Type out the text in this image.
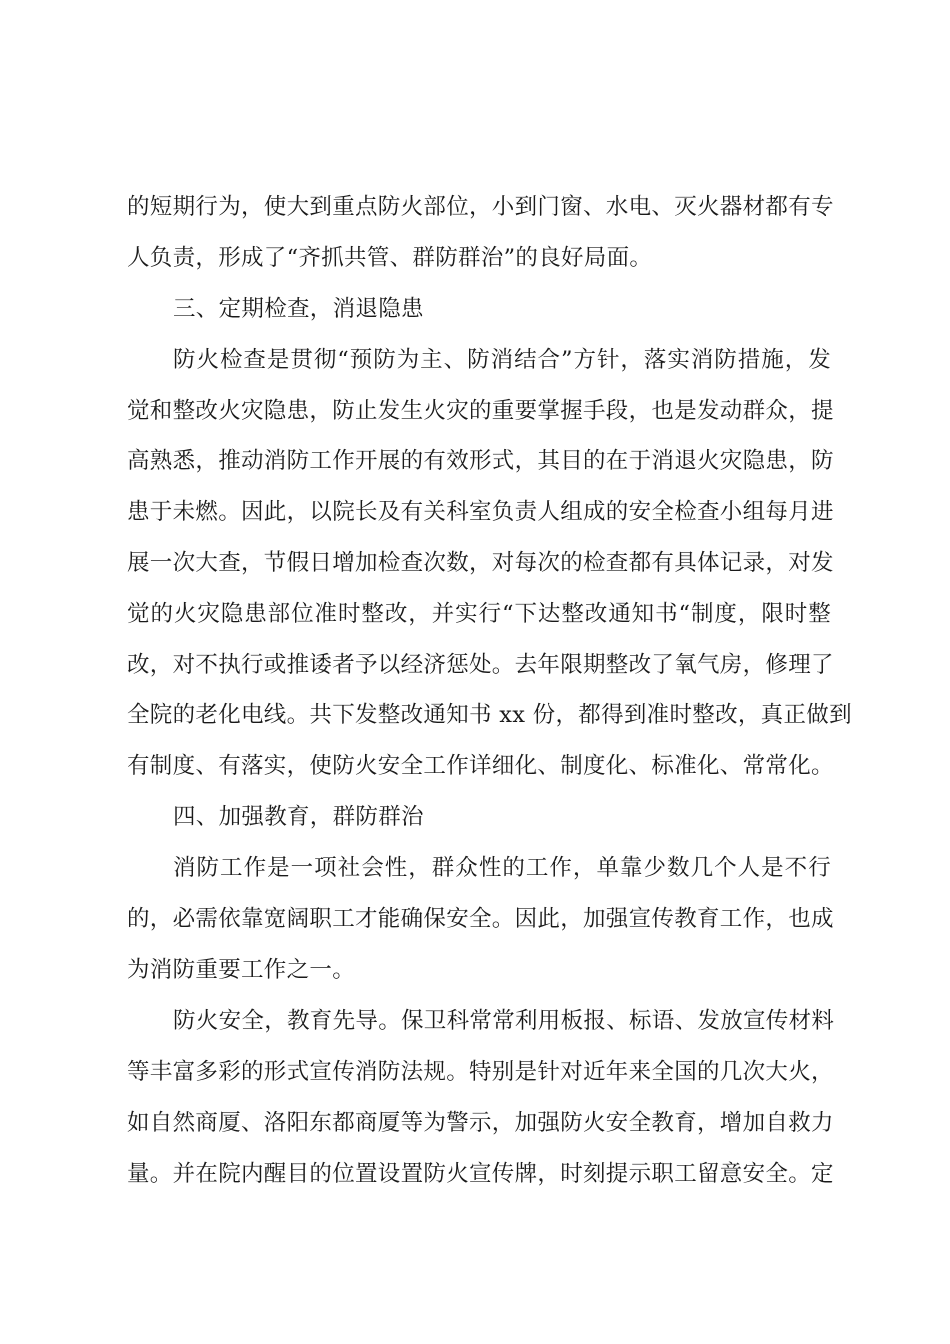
的短期行为，使大到重点防火部位，小到门窗、水电、灭火器材都有专
人负责，形成了“齐抓共管、群防群治”的良好局面。
三、定期检查，消退隐患
防火检查是贯彻“预防为主、防消结合”方针，落实消防措施，发
觉和整改火灾隐患，防止发生火灾的重要掌握手段，也是发动群众，提
高熟悉，推动消防工作开展的有效形式，其目的在于消退火灾隐患，防
患于未燃。因此，以院长及有关科室负责人组成的安全检查小组每月进
展一次大查，节假日增加检查次数，对每次的检查都有具体记录，对发
觉的火灾隐患部位准时整改，并实行“下达整改通知书“制度，限时整
改，对不执行或推诿者予以经济惩处。去年限期整改了氧气房，修理了
全院的老化电线。共下发整改通知书 xx 份，都得到准时整改，真正做到
有制度、有落实，使防火安全工作详细化、制度化、标准化、常常化。
四、加强教育，群防群治
消防工作是一项社会性，群众性的工作，单靠少数几个人是不行
的，必需依靠宽阔职工才能确保安全。因此，加强宣传教育工作，也成
为消防重要工作之一。
防火安全，教育先导。保卫科常常利用板报、标语、发放宣传材料
等丰富多彩的形式宣传消防法规。特别是针对近年来全国的几次大火，
如自然商厦、洛阳东都商厦等为警示，加强防火安全教育，增加自救力
量。并在院内醒目的位置设置防火宣传牌，时刻提示职工留意安全。定
